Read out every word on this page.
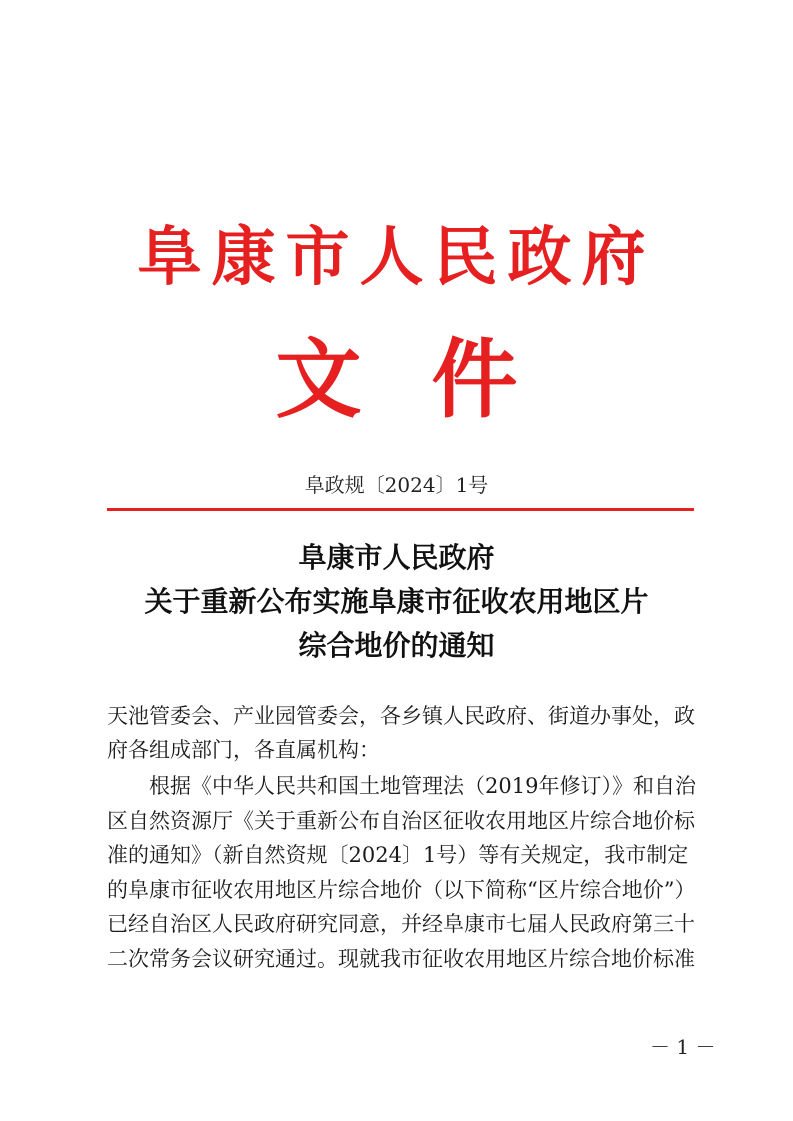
阜康市人民政府
文件
阜政规〔2024〕1号
阜康市人民政府
关于重新公布实施阜康市征收农用地区片
综合地价的通知
天池管委会、产业园管委会，各乡镇人民政府、街道办事处，政
府各组成部门，各直属机构：
根据《中华人民共和国土地管理法（2019年修订）》和自治
区自然资源厅《关于重新公布自治区征收农用地区片综合地价标
准的通知》（新自然资规〔2024〕1号）等有关规定，我市制定
的阜康市征收农用地区片综合地价（以下简称“区片综合地价”）
已经自治区人民政府研究同意，并经阜康市七届人民政府第三十
二次常务会议研究通过。现就我市征收农用地区片综合地价标准
－ 1 －
